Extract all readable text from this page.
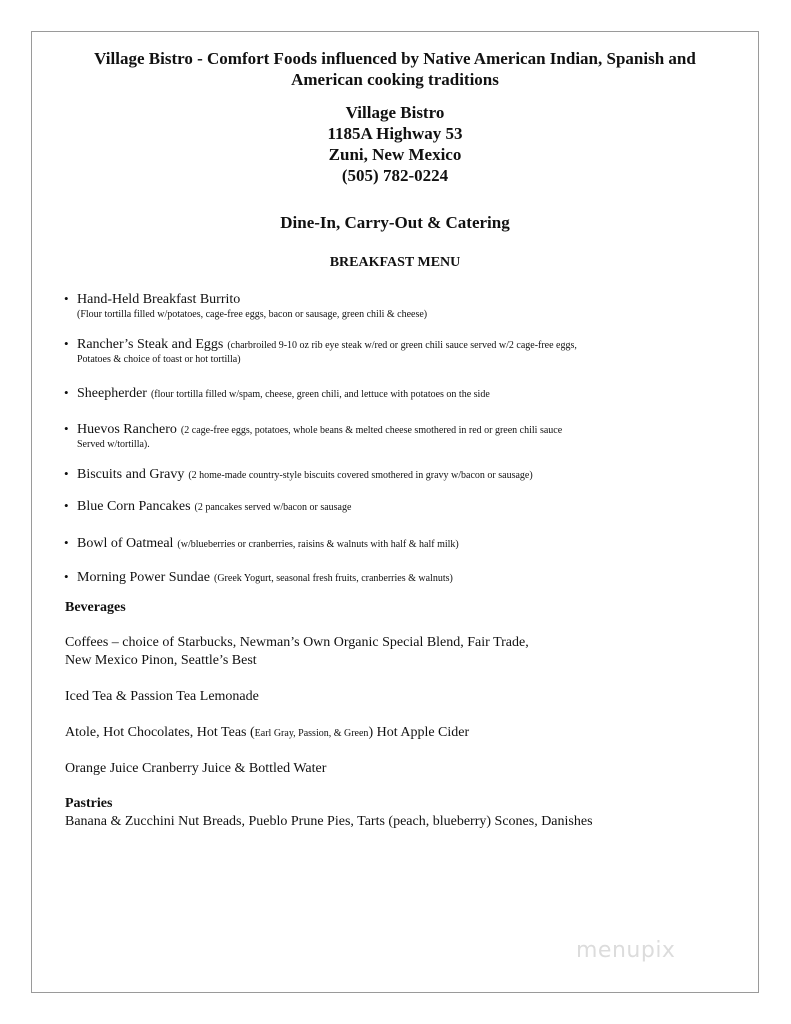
Village Bistro - Comfort Foods influenced by Native American Indian, Spanish and
American cooking traditions
Village Bistro
1185A Highway 53
Zuni, New Mexico
(505) 782-0224
Dine-In, Carry-Out & Catering
BREAKFAST MENU
• Hand-Held Breakfast Burrito
(Flour tortilla filled w/potatoes, cage-free eggs, bacon or sausage, green chili & cheese)
• Rancher’s Steak and Eggs (charbroiled 9-10 oz rib eye steak w/red or green chili sauce served w/2 cage-free eggs,
Potatoes & choice of toast or hot tortilla)
• Sheepherder (flour tortilla filled w/spam, cheese, green chili, and lettuce with potatoes on the side
• Huevos Ranchero (2 cage-free eggs, potatoes, whole beans & melted cheese smothered in red or green chili sauce
Served w/tortilla).
• Biscuits and Gravy (2 home-made country-style biscuits covered smothered in gravy w/bacon or sausage)
• Blue Corn Pancakes (2 pancakes served w/bacon or sausage
• Bowl of Oatmeal (w/blueberries or cranberries, raisins & walnuts with half & half milk)
• Morning Power Sundae (Greek Yogurt, seasonal fresh fruits, cranberries & walnuts)
Beverages
Coffees – choice of Starbucks, Newman’s Own Organic Special Blend, Fair Trade,
New Mexico Pinon, Seattle’s Best
Iced Tea & Passion Tea Lemonade
Atole, Hot Chocolates, Hot Teas (Earl Gray, Passion, & Green) Hot Apple Cider
Orange Juice Cranberry Juice & Bottled Water
Pastries
Banana & Zucchini Nut Breads, Pueblo Prune Pies, Tarts (peach, blueberry) Scones, Danishes
menupix
